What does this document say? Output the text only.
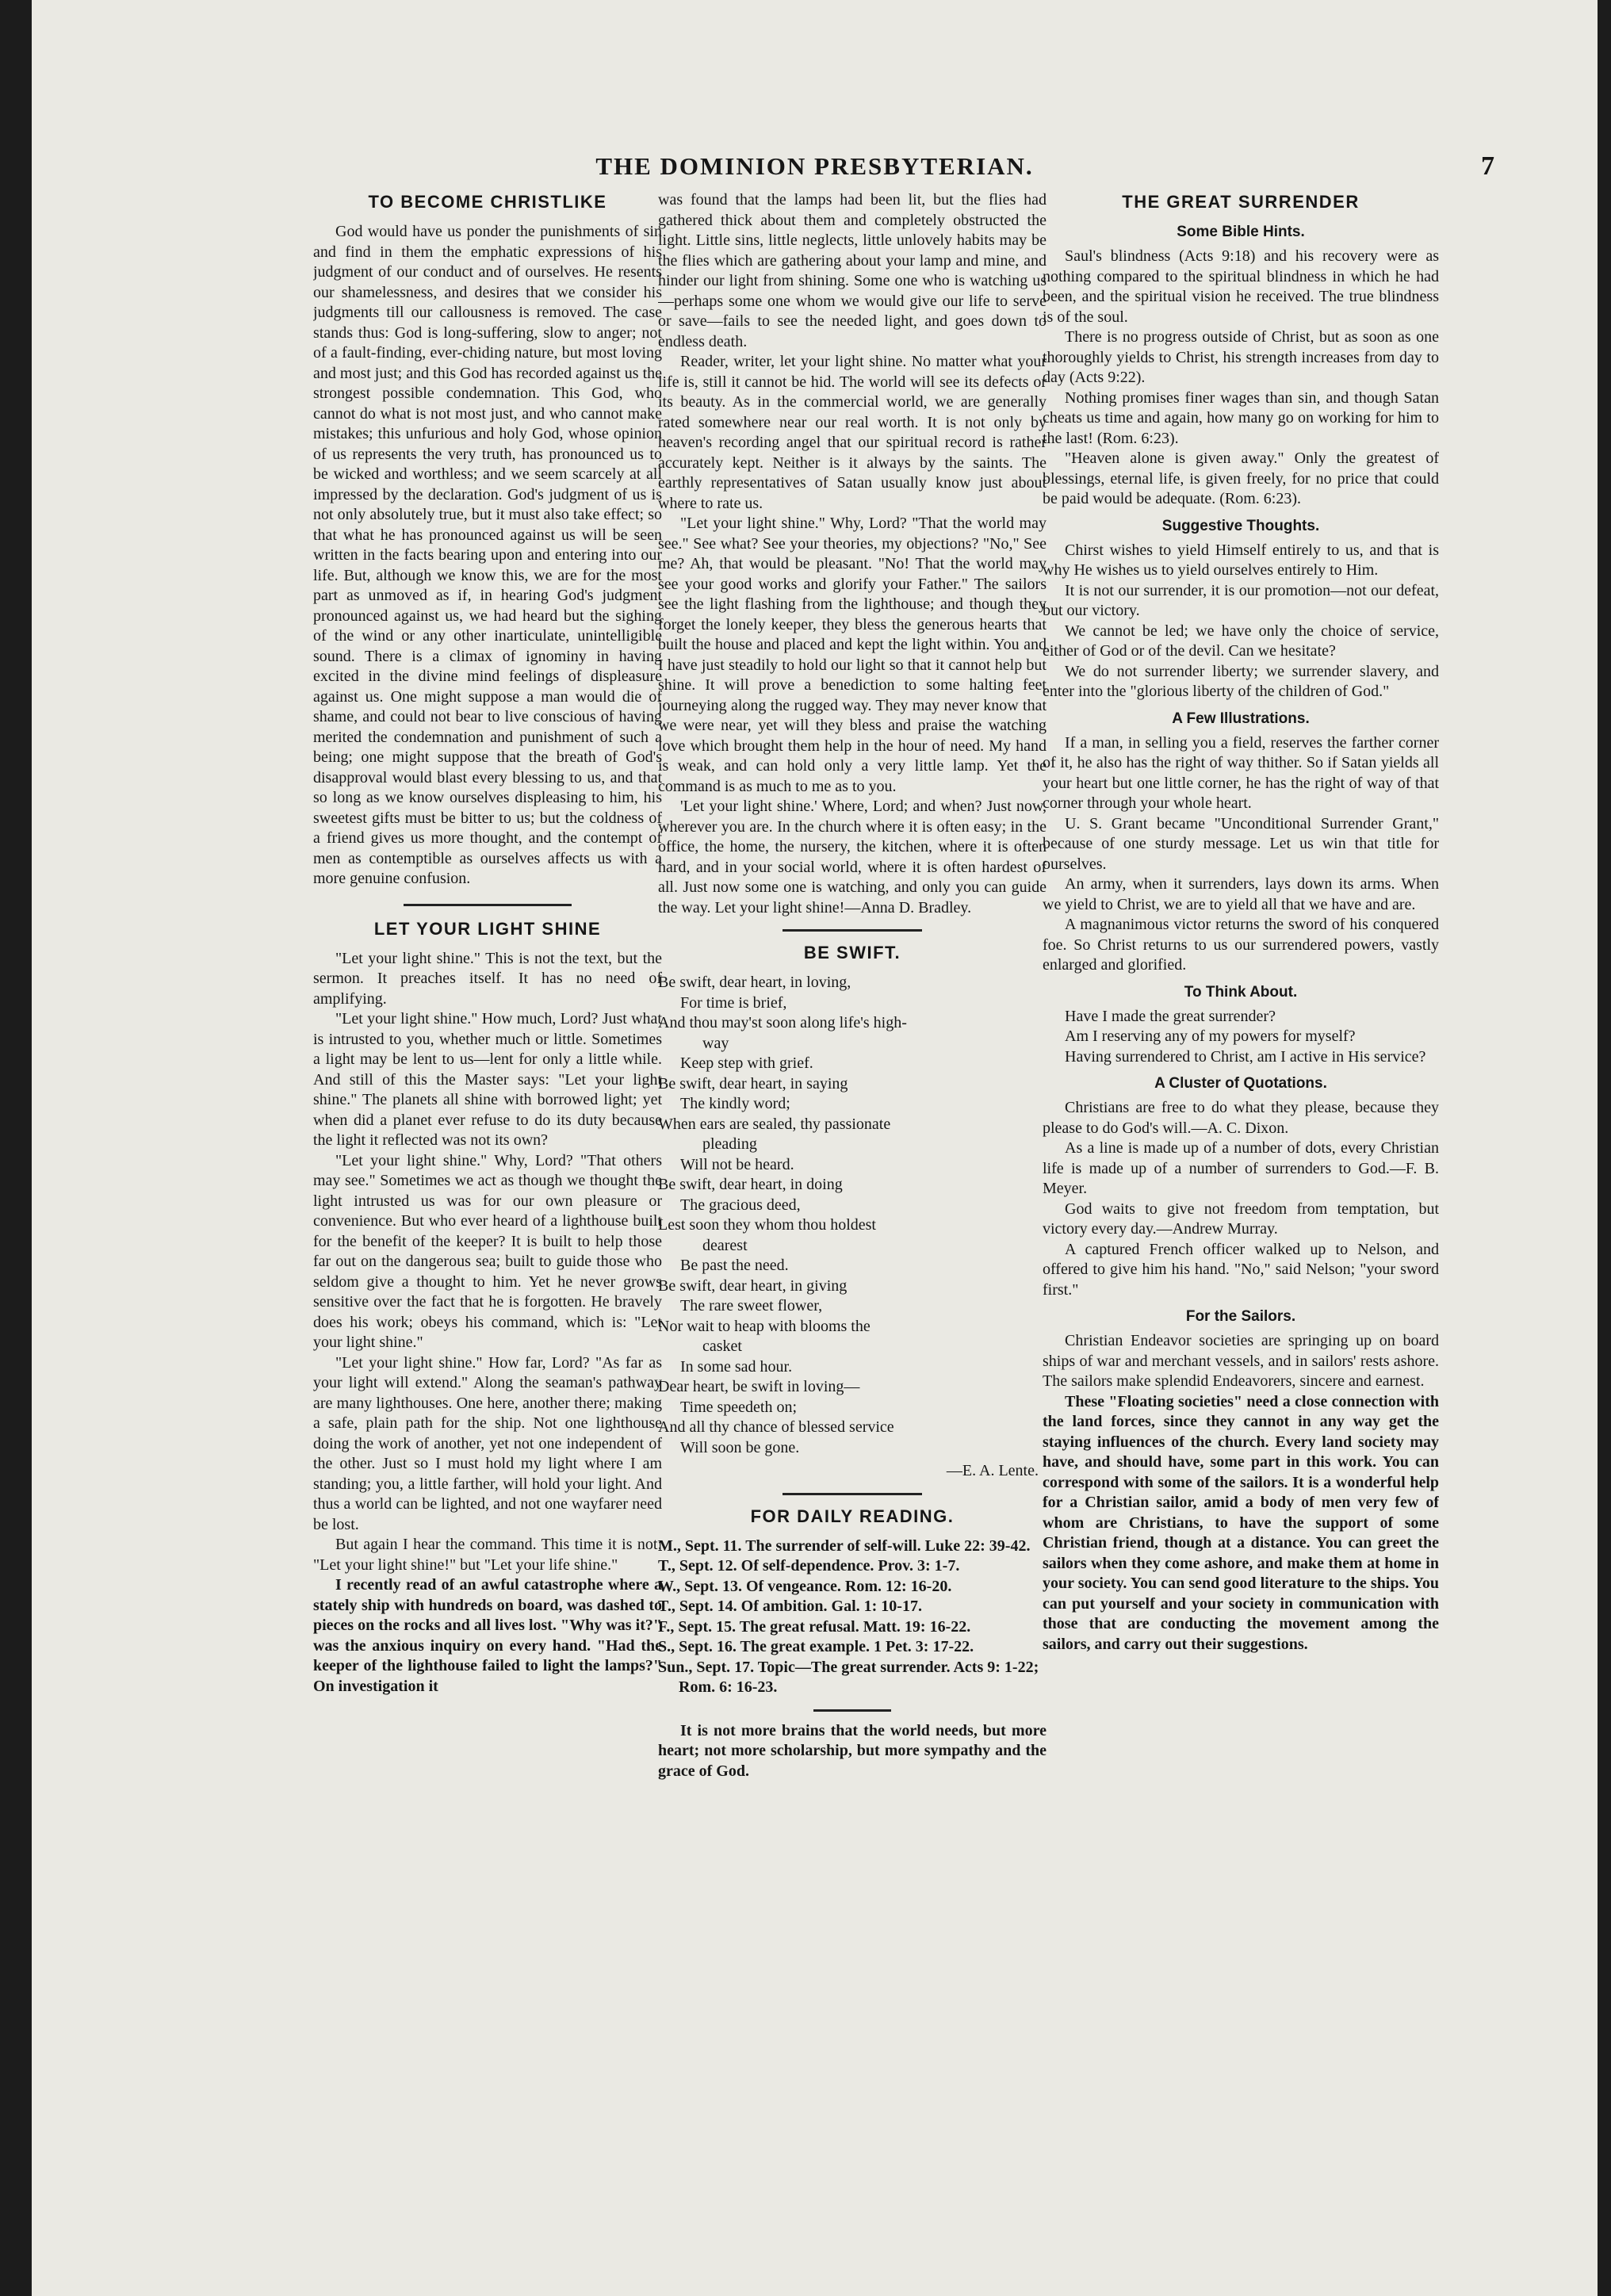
THE DOMINION PRESBYTERIAN.	7
TO BECOME CHRISTLIKE

God would have us ponder the punishments of sin and find in them the emphatic expressions of his judgment of our conduct and of ourselves. He resents our shamelessness, and desires that we consider his judgments till our callousness is removed. The case stands thus: God is long-suffering, slow to anger; not of a fault-finding, ever-chiding nature, but most loving and most just; and this God has recorded against us the strongest possible condemnation. This God, who cannot do what is not most just, and who cannot make mistakes; this unfurious and holy God, whose opinion of us represents the very truth, has pronounced us to be wicked and worthless; and we seem scarcely at all impressed by the declaration. God's judgment of us is not only absolutely true, but it must also take effect; so that what he has pronounced against us will be seen written in the facts bearing upon and entering into our life. But, although we know this, we are for the most part as unmoved as if, in hearing God's judgment pronounced against us, we had heard but the sighing of the wind or any other inarticulate, unintelligible sound. There is a climax of ignominy in having excited in the divine mind feelings of displeasure against us. One might suppose a man would die of shame, and could not bear to live conscious of having merited the condemnation and punishment of such a being; one might suppose that the breath of God's disapproval would blast every blessing to us, and that so long as we know ourselves displeasing to him, his sweetest gifts must be bitter to us; but the coldness of a friend gives us more thought, and the contempt of men as contemptible as ourselves affects us with a more genuine confusion.

LET YOUR LIGHT SHINE

"Let your light shine." This is not the text, but the sermon. It preaches itself. It has no need of amplifying.

"Let your light shine." How much, Lord? Just what is intrusted to you, whether much or little. Sometimes a light may be lent to us—lent for only a little while. And still of this the Master says: "Let your light shine." The planets all shine with borrowed light; yet when did a planet ever refuse to do its duty because the light it reflected was not its own?

"Let your light shine." Why, Lord? "That others may see." Sometimes we act as though we thought the light intrusted us was for our own pleasure or convenience. But who ever heard of a lighthouse built for the benefit of the keeper? It is built to help those far out on the dangerous sea; built to guide those who seldom give a thought to him. Yet he never grows sensitive over the fact that he is forgotten. He bravely does his work; obeys his command, which is: "Let your light shine."

"Let your light shine." How far, Lord? "As far as your light will extend." Along the seaman's pathway are many lighthouses. One here, another there; making a safe, plain path for the ship. Not one lighthouse doing the work of another, yet not one independent of the other. Just so I must hold my light where I am standing; you, a little farther, will hold your light. And thus a world can be lighted, and not one wayfarer need be lost.

But again I hear the command. This time it is not: "Let your light shine!" but "Let your life shine."

I recently read of an awful catastrophe where a stately ship with hundreds on board, was dashed to pieces on the rocks and all lives lost. "Why was it?" was the anxious inquiry on every hand. "Had the keeper of the lighthouse failed to light the lamps?" On investigation it

was found that the lamps had been lit, but the flies had gathered thick about them and completely obstructed the light. Little sins, little neglects, little unlovely habits may be the flies which are gathering about your lamp and mine, and hinder our light from shining. Some one who is watching us—perhaps some one whom we would give our life to serve or save—fails to see the needed light, and goes down to endless death.

Reader, writer, let your light shine. No matter what your life is, still it cannot be hid. The world will see its defects or its beauty. As in the commercial world, we are generally rated somewhere near our real worth. It is not only by heaven's recording angel that our spiritual record is rather accurately kept. Neither is it always by the saints. The earthly representatives of Satan usually know just about where to rate us.

"Let your light shine." Why, Lord? "That the world may see." See what? See your theories, my objections? "No," See me? Ah, that would be pleasant. "No! That the world may see your good works and glorify your Father." The sailors see the light flashing from the lighthouse; and though they forget the lonely keeper, they bless the generous hearts that built the house and placed and kept the light within. You and I have just steadily to hold our light so that it cannot help but shine. It will prove a benediction to some halting feet journeying along the rugged way. They may never know that we were near, yet will they bless and praise the watching love which brought them help in the hour of need. My hand is weak, and can hold only a very little lamp. Yet the command is as much to me as to you.

'Let your light shine.' Where, Lord; and when? Just now, wherever you are. In the church where it is often easy; in the office, the home, the nursery, the kitchen, where it is often hard, and in your social world, where it is often hardest of all. Just now some one is watching, and only you can guide the way. Let your light shine!—Anna D. Bradley.

BE SWIFT.
Be swift, dear heart, in loving,
For time is brief,
And thou may'st soon along life's high-
way
Keep step with grief.
Be swift, dear heart, in saying
The kindly word;
When ears are sealed, thy passionate
pleading
Will not be heard.
Be swift, dear heart, in doing
The gracious deed,
Lest soon they whom thou holdest
dearest
Be past the need.
Be swift, dear heart, in giving
The rare sweet flower,
Nor wait to heap with blooms the
casket
In some sad hour.
Dear heart, be swift in loving—
Time speedeth on;
And all thy chance of blessed service
Will soon be gone.
—E. A. Lente.
FOR DAILY READING.
M., Sept. 11. The surrender of self-will. Luke 22: 39-42.
T., Sept. 12. Of self-dependence. Prov. 3: 1-7.
W., Sept. 13. Of vengeance. Rom. 12: 16-20.
T., Sept. 14. Of ambition. Gal. 1: 10-17.
F., Sept. 15. The great refusal. Matt. 19: 16-22.
S., Sept. 16. The great example. 1 Pet. 3: 17-22.
Sun., Sept. 17. Topic—The great surrender. Acts 9: 1-22; Rom. 6: 16-23.

It is not more brains that the world needs, but more heart; not more scholarship, but more sympathy and the grace of God.

THE GREAT SURRENDER
Some Bible Hints.

Saul's blindness (Acts 9:18) and his recovery were as nothing compared to the spiritual blindness in which he had been, and the spiritual vision he received. The true blindness is of the soul.

There is no progress outside of Christ, but as soon as one thoroughly yields to Christ, his strength increases from day to day (Acts 9:22).

Nothing promises finer wages than sin, and though Satan cheats us time and again, how many go on working for him to the last! (Rom. 6:23).

"Heaven alone is given away." Only the greatest of blessings, eternal life, is given freely, for no price that could be paid would be adequate. (Rom. 6:23).

Suggestive Thoughts.

Chirst wishes to yield Himself entirely to us, and that is why He wishes us to yield ourselves entirely to Him.

It is not our surrender, it is our promotion—not our defeat, but our victory.

We cannot be led; we have only the choice of service, either of God or of the devil. Can we hesitate?

We do not surrender liberty; we surrender slavery, and enter into the "glorious liberty of the children of God."

A Few Illustrations.

If a man, in selling you a field, reserves the farther corner of it, he also has the right of way thither. So if Satan yields all your heart but one little corner, he has the right of way of that corner through your whole heart.

U. S. Grant became "Unconditional Surrender Grant," because of one sturdy message. Let us win that title for ourselves.

An army, when it surrenders, lays down its arms. When we yield to Christ, we are to yield all that we have and are.

A magnanimous victor returns the sword of his conquered foe. So Christ returns to us our surrendered powers, vastly enlarged and glorified.

To Think About.

Have I made the great surrender?

Am I reserving any of my powers for myself?

Having surrendered to Christ, am I active in His service?

A Cluster of Quotations.

Christians are free to do what they please, because they please to do God's will.—A. C. Dixon.

As a line is made up of a number of dots, every Christian life is made up of a number of surrenders to God.—F. B. Meyer.

God waits to give not freedom from temptation, but victory every day.—Andrew Murray.

A captured French officer walked up to Nelson, and offered to give him his hand. "No," said Nelson; "your sword first."

For the Sailors.

Christian Endeavor societies are springing up on board ships of war and merchant vessels, and in sailors' rests ashore. The sailors make splendid Endeavorers, sincere and earnest.

These "Floating societies" need a close connection with the land forces, since they cannot in any way get the staying influences of the church. Every land society may have, and should have, some part in this work. You can correspond with some of the sailors. It is a wonderful help for a Christian sailor, amid a body of men very few of whom are Christians, to have the support of some Christian friend, though at a distance. You can greet the sailors when they come ashore, and make them at home in your society. You can send good literature to the ships. You can put yourself and your society in communication with those that are conducting the movement among the sailors, and carry out their suggestions.
